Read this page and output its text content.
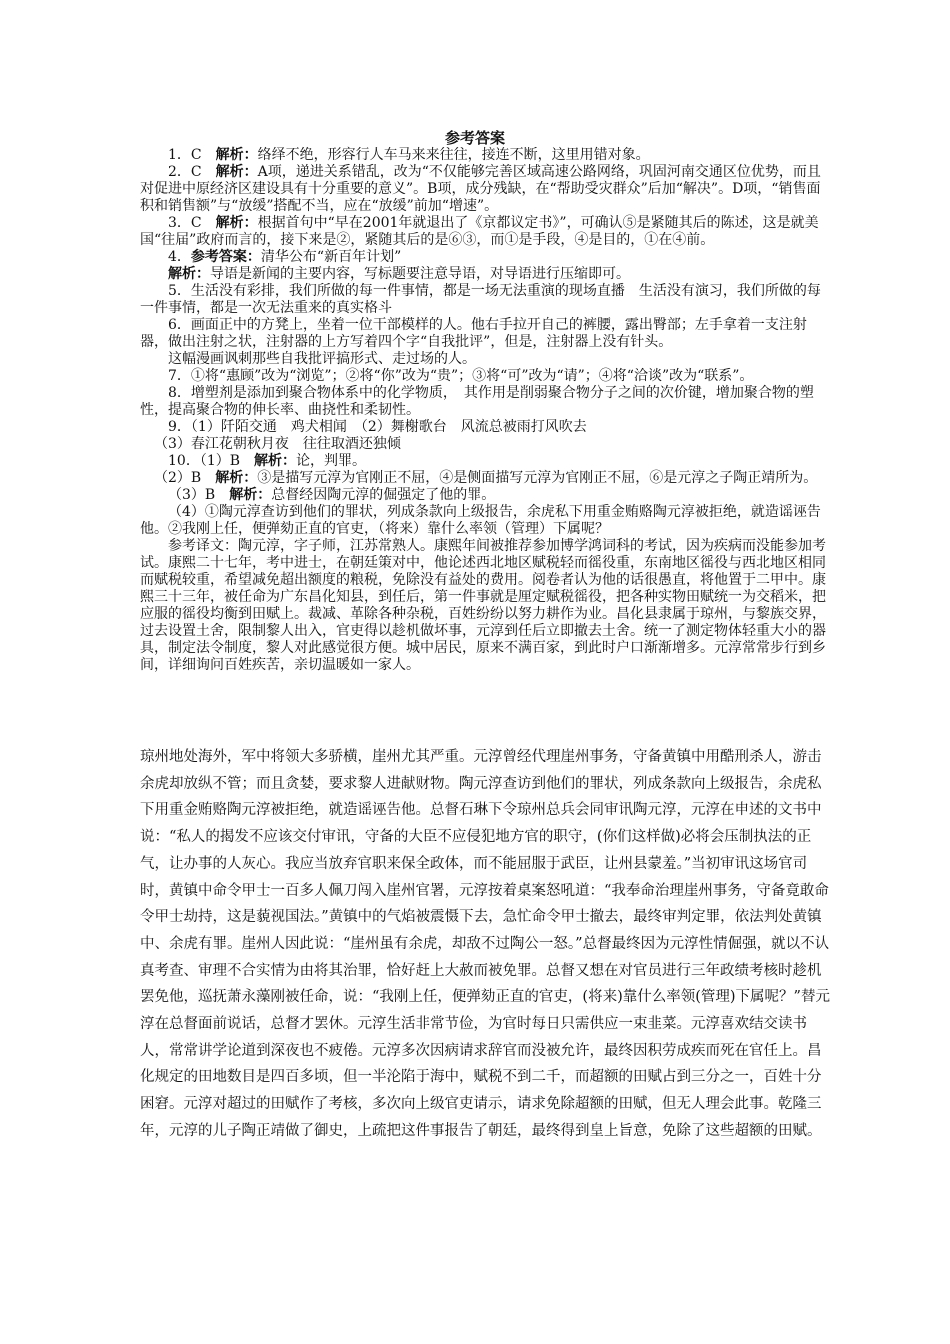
参考答案

1．C　 解析：络绎不绝，形容行人车马来来往往，接连不断，这里用错对象。

2．C　 解析：A项，递进关系错乱，改为“不仅能够完善区域高速公路网络，巩固河南交通区位优势，而且对促进中原经济区建设具有十分重要的意义”。B项，成分残缺，在“帮助受灾群众”后加“解决”。D项，“销售面积和销售额”与“放缓”搭配不当，应在“放缓”前加“增速”。

3．C　 解析：根据首句中“早在2001年就退出了《京都议定书》”，可确认⑤是紧随其后的陈述，这是就美国“往届”政府而言的，接下来是②，紧随其后的是⑥③，而①是手段，④是目的，①在④前。

4．参考答案：清华公布“新百年计划”

解析：导语是新闻的主要内容，写标题要注意导语，对导语进行压缩即可。

5．生活没有彩排，我们所做的每一件事情，都是一场无法重演的现场直播　生活没有演习，我们所做的每一件事情，都是一次无法重来的真实格斗

6．画面正中的方凳上，坐着一位干部模样的人。他右手拉开自己的裤腰，露出臀部；左手拿着一支注射器，做出注射之状，注射器的上方写着四个字“自我批评”，但是，注射器上没有针头。

这幅漫画讽刺那些自我批评搞形式、走过场的人。

7．①将“惠顾”改为“浏览”；②将“你”改为“贵”；③将“可”改为“请”；④将“洽谈”改为“联系”。

8．增塑剂是添加到聚合物体系中的化学物质，　其作用是削弱聚合物分子之间的次价键，增加聚合物的塑性，提高聚合物的伸长率、曲挠性和柔韧性。

9．（1）阡陌交通　鸡犬相闻　（2）舞榭歌台　风流总被雨打风吹去

（3）春江花朝秋月夜　往往取酒还独倾

10．（1）B　 解析：论，判罪。

（2）B　 解析：③是描写元淳为官刚正不屈，④是侧面描写元淳为官刚正不屈，⑥是元淳之子陶正靖所为。

（3）B　 解析：总督经因陶元淳的倔强定了他的罪。

（4）①陶元淳查访到他们的罪状，列成条款向上级报告，余虎私下用重金贿赂陶元淳被拒绝，就造谣诬告他。②我刚上任，便弹劾正直的官吏，（将来）靠什么率领（管理）下属呢？

参考译文：陶元淳，字子师，江苏常熟人。康熙年间被推荐参加博学鸿词科的考试，因为疾病而没能参加考试。康熙二十七年，考中进士，在朝廷策对中，他论述西北地区赋税轻而徭役重，东南地区徭役与西北地区相同而赋税较重，希望减免超出额度的粮税，免除没有益处的费用。阅卷者认为他的话很愚直，将他置于二甲中。康熙三十三年，被任命为广东昌化知县，到任后，第一件事就是厘定赋税徭役，把各种实物田赋统一为交稻米，把应服的徭役均衡到田赋上。裁减、革除各种杂税，百姓纷纷以努力耕作为业。昌化县隶属于琼州，与黎族交界，过去设置土舍，限制黎人出入，官吏得以趁机做坏事，元淳到任后立即撤去土舍。统一了测定物体轻重大小的器具，制定法令制度，黎人对此感觉很方便。城中居民，原来不满百家，到此时户口渐渐增多。元淳常常步行到乡间，详细询问百姓疾苦，亲切温暖如一家人。

琼州地处海外，军中将领大多骄横，崖州尤其严重。元淳曾经代理崖州事务，守备黄镇中用酷刑杀人，游击余虎却放纵不管；而且贪婪，要求黎人进献财物。陶元淳查访到他们的罪状，列成条款向上级报告，余虎私下用重金贿赂陶元淳被拒绝，就造谣诬告他。总督石琳下令琼州总兵会同审讯陶元淳，元淳在申述的文书中说：“私人的揭发不应该交付审讯，守备的大臣不应侵犯地方官的职守，(你们这样做)必将会压制执法的正气，让办事的人灰心。我应当放弃官职来保全政体，而不能屈服于武臣，让州县蒙羞。”当初审讯这场官司时，黄镇中命令甲士一百多人佩刀闯入崖州官署，元淳按着桌案怒吼道：“我奉命治理崖州事务，守备竟敢命令甲士劫持，这是藐视国法。”黄镇中的气焰被震慑下去，急忙命令甲士撤去，最终审判定罪，依法判处黄镇中、余虎有罪。崖州人因此说：“崖州虽有余虎，却敌不过陶公一怒。”总督最终因为元淳性情倔强，就以不认真考查、审理不合实情为由将其治罪，恰好赶上大赦而被免罪。总督又想在对官员进行三年政绩考核时趁机罢免他，巡抚萧永藻刚被任命，说：“我刚上任，便弹劾正直的官吏，(将来)靠什么率领(管理)下属呢？”替元淳在总督面前说话，总督才罢休。元淳生活非常节俭，为官时每日只需供应一束韭菜。元淳喜欢结交读书人，常常讲学论道到深夜也不疲倦。元淳多次因病请求辞官而没被允许，最终因积劳成疾而死在官任上。昌化规定的田地数目是四百多顷，但一半沦陷于海中，赋税不到二千，而超额的田赋占到三分之一，百姓十分困窘。元淳对超过的田赋作了考核，多次向上级官吏请示，请求免除超额的田赋，但无人理会此事。乾隆三年，元淳的儿子陶正靖做了御史，上疏把这件事报告了朝廷，最终得到皇上旨意，免除了这些超额的田赋。
